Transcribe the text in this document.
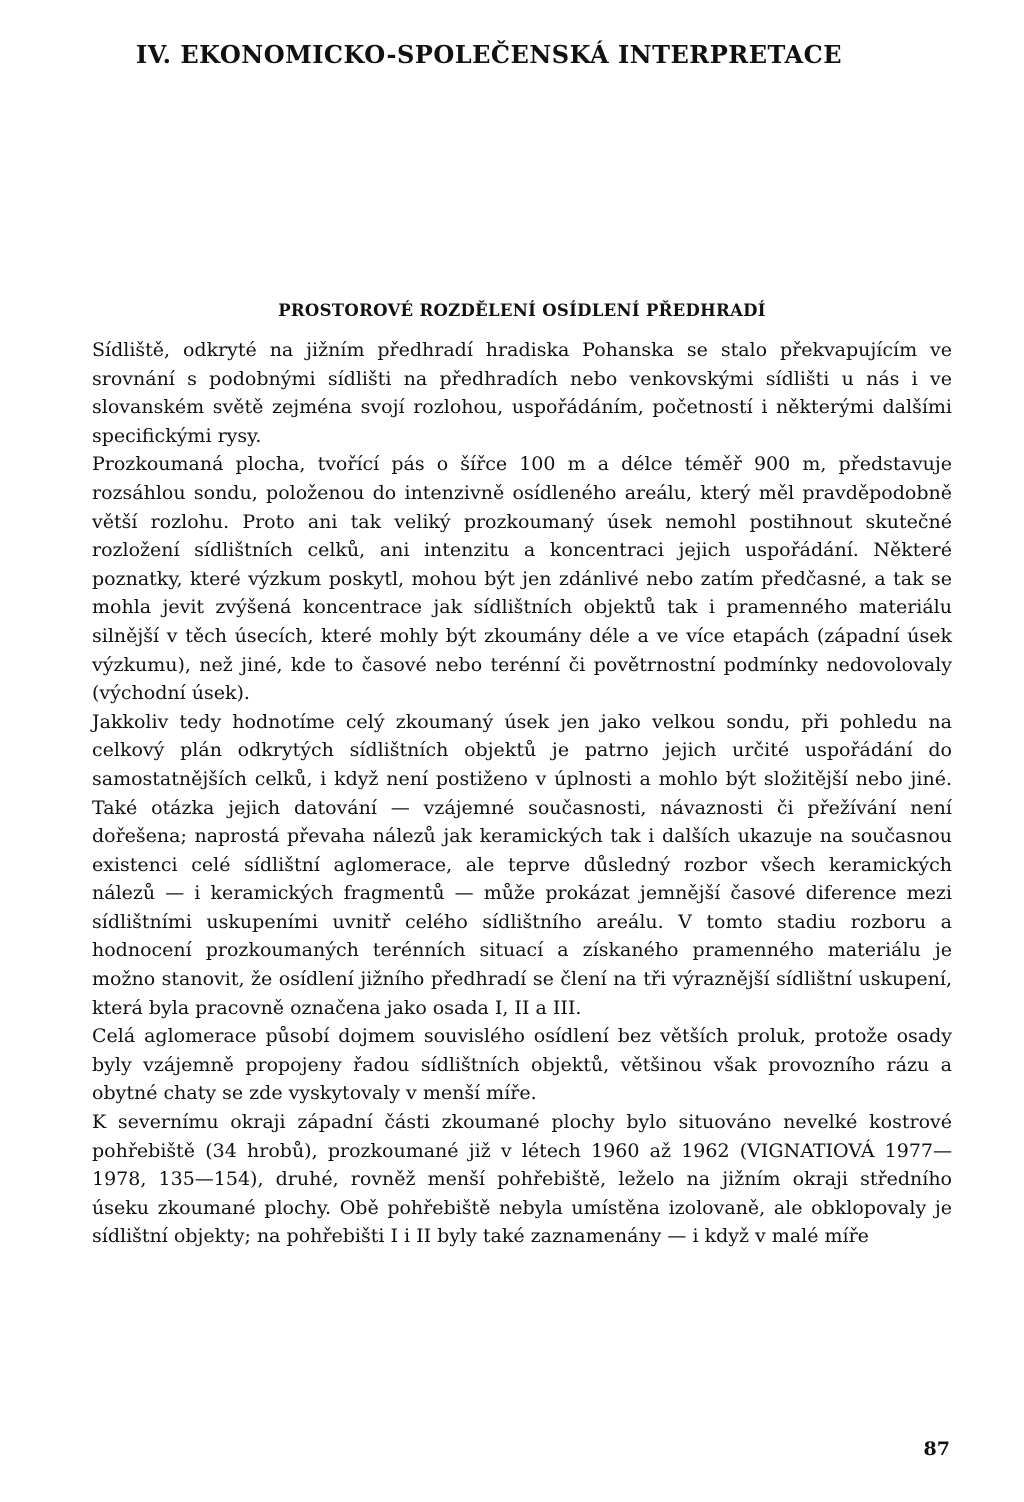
IV. EKONOMICKO-SPOLEČENSKÁ INTERPRETACE
PROSTOROVÉ ROZDĚLENÍ OSÍDLENÍ PŘEDHRADÍ

Sídliště, odkryté na jižním předhradí hradiska Pohanska se stalo překvapujícím ve srovnání s podobnými sídlišti na předhradích nebo venkovskými sídlišti u nás i ve slovanském světě zejména svojí rozlohou, uspořádáním, početností i některými dalšími specifickými rysy.

Prozkoumaná plocha, tvořící pás o šířce 100 m a délce téměř 900 m, představuje rozsáhlou sondu, položenou do intenzivně osídleného areálu, který měl pravděpodobně větší rozlohu. Proto ani tak veliký prozkoumaný úsek nemohl postihnout skutečné rozložení sídlištních celků, ani intenzitu a koncentraci jejich uspořádání. Některé poznatky, které výzkum poskytl, mohou být jen zdánlivé nebo zatím předčasné, a tak se mohla jevit zvýšená koncentrace jak sídlištních objektů tak i pramenného materiálu silnější v těch úsecích, které mohly být zkoumány déle a ve více etapách (západní úsek výzkumu), než jiné, kde to časové nebo terénní či povětrnostní podmínky nedovolovaly (východní úsek).

Jakkoliv tedy hodnotíme celý zkoumaný úsek jen jako velkou sondu, při pohledu na celkový plán odkrytých sídlištních objektů je patrno jejich určité uspořádání do samostatnějších celků, i když není postiženo v úplnosti a mohlo být složitější nebo jiné. Také otázka jejich datování — vzájemné současnosti, návaznosti či přežívání není dořešena; naprostá převaha nálezů jak keramických tak i dalších ukazuje na současnou existenci celé sídlištní aglomerace, ale teprve důsledný rozbor všech keramických nálezů — i keramických fragmentů — může prokázat jemnější časové diference mezi sídlištními uskupeními uvnitř celého sídlištního areálu. V tomto stadiu rozboru a hodnocení prozkoumaných terénních situací a získaného pramenného materiálu je možno stanovit, že osídlení jižního předhradí se člení na tři výraznější sídlištní uskupení, která byla pracovně označena jako osada I, II a III.

Celá aglomerace působí dojmem souvislého osídlení bez větších proluk, protože osady byly vzájemně propojeny řadou sídlištních objektů, většinou však provozního rázu a obytné chaty se zde vyskytovaly v menší míře.

K severnímu okraji západní části zkoumané plochy bylo situováno nevelké kostrové pohřebiště (34 hrobů), prozkoumané již v létech 1960 až 1962 (VIGNATIOVÁ 1977—1978, 135—154), druhé, rovněž menší pohřebiště, leželo na jižním okraji středního úseku zkoumané plochy. Obě pohřebiště nebyla umístěna izolovaně, ale obklopovaly je sídlištní objekty; na pohřebišti I i II byly také zaznamenány — i když v malé míře

87
